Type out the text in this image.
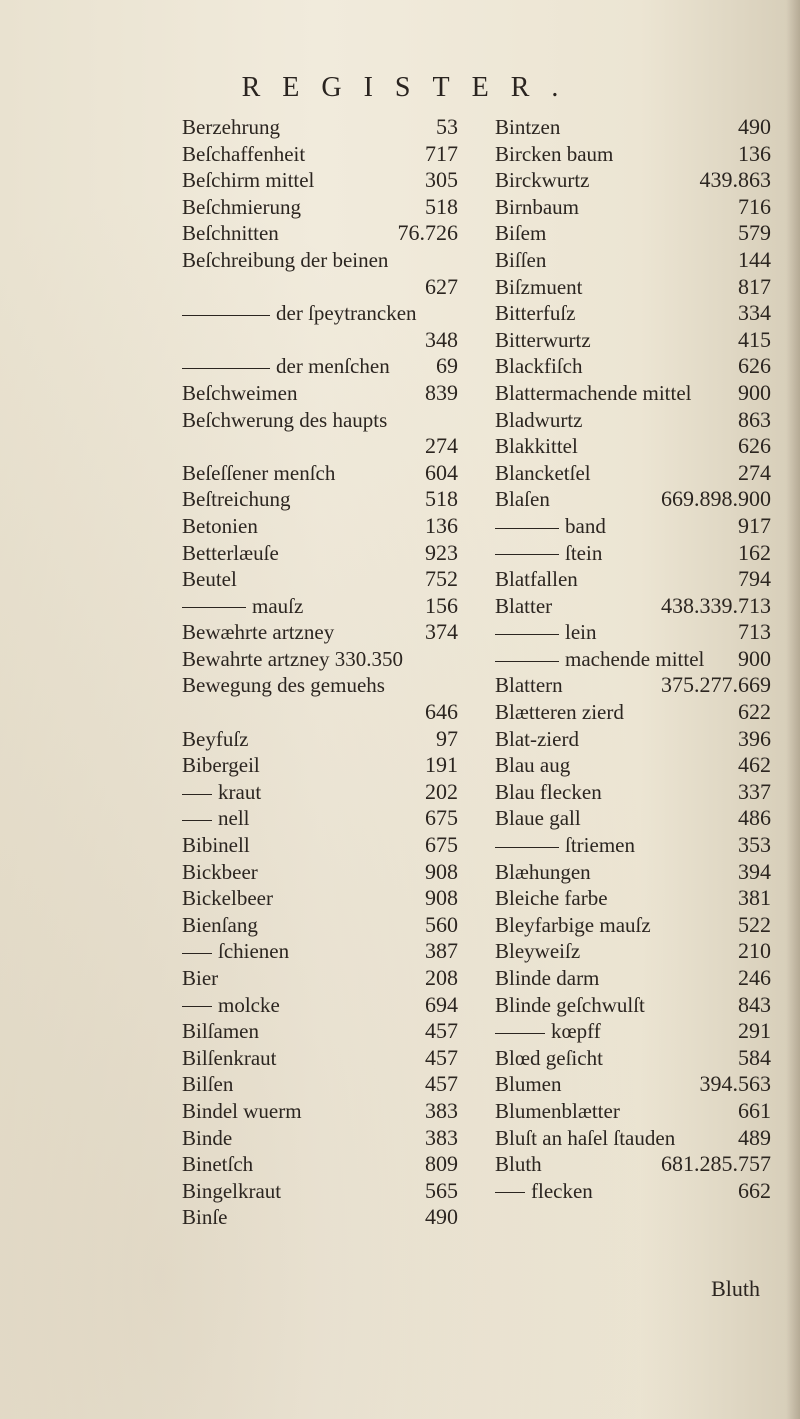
REGISTER.
Berzehrung	53
Beſchaffenheit	717
Beſchirm mittel	305
Beſchmierung	518
Beſchnitten	76.726
Beſchreibung der beinen
627
der ſpeytrancken
348
der menſchen 69
Beſchweimen	839
Beſchwerung des haupts
274
Beſeſſener menſch	604
Beſtreichung	518
Betonien	136
Betterlæuſe	923
Beutel	752
mauſz	156
Bewæhrte artzney	374
Bewahrte artzney 330.350
Bewegung des gemuehs
646
Beyfuſz	97
Bibergeil	191
kraut	202
nell	675
Bibinell	675
Bickbeer	908
Bickelbeer	908
Bienſang	560
ſchienen	387
Bier	208
molcke	694
Bilſamen	457
Bilſenkraut	457
Bilſen	457
Bindel wuerm	383
Binde	383
Binetſch	809
Bingelkraut	565
Binſe	490
Bintzen	490
Bircken baum	136
Birckwurtz	439.863
Birnbaum	716
Biſem	579
Biſſen	144
Biſzmuent	817
Bitterfuſz	334
Bitterwurtz	415
Blackfiſch	626
Blattermachende mittel 900
Bladwurtz	863
Blakkittel	626
Blancketſel	274
Blaſen	669.898.900
band	917
ſtein	162
Blatfallen	794
Blatter	438.339.713
lein	713
machende mittel 900
Blattern	375.277.669
Blætteren zierd	622
Blat-zierd	396
Blau aug	462
Blau flecken	337
Blaue gall	486
ſtriemen	353
Blæhungen	394
Bleiche farbe	381
Bleyfarbige mauſz	522
Bleyweiſz	210
Blinde darm	246
Blinde geſchwulſt	843
kœpff	291
Blœd geſicht	584
Blumen	394.563
Blumenblætter	661
Bluſt an haſel ſtauden	489
Bluth	681.285.757
flecken	662
Bluth
